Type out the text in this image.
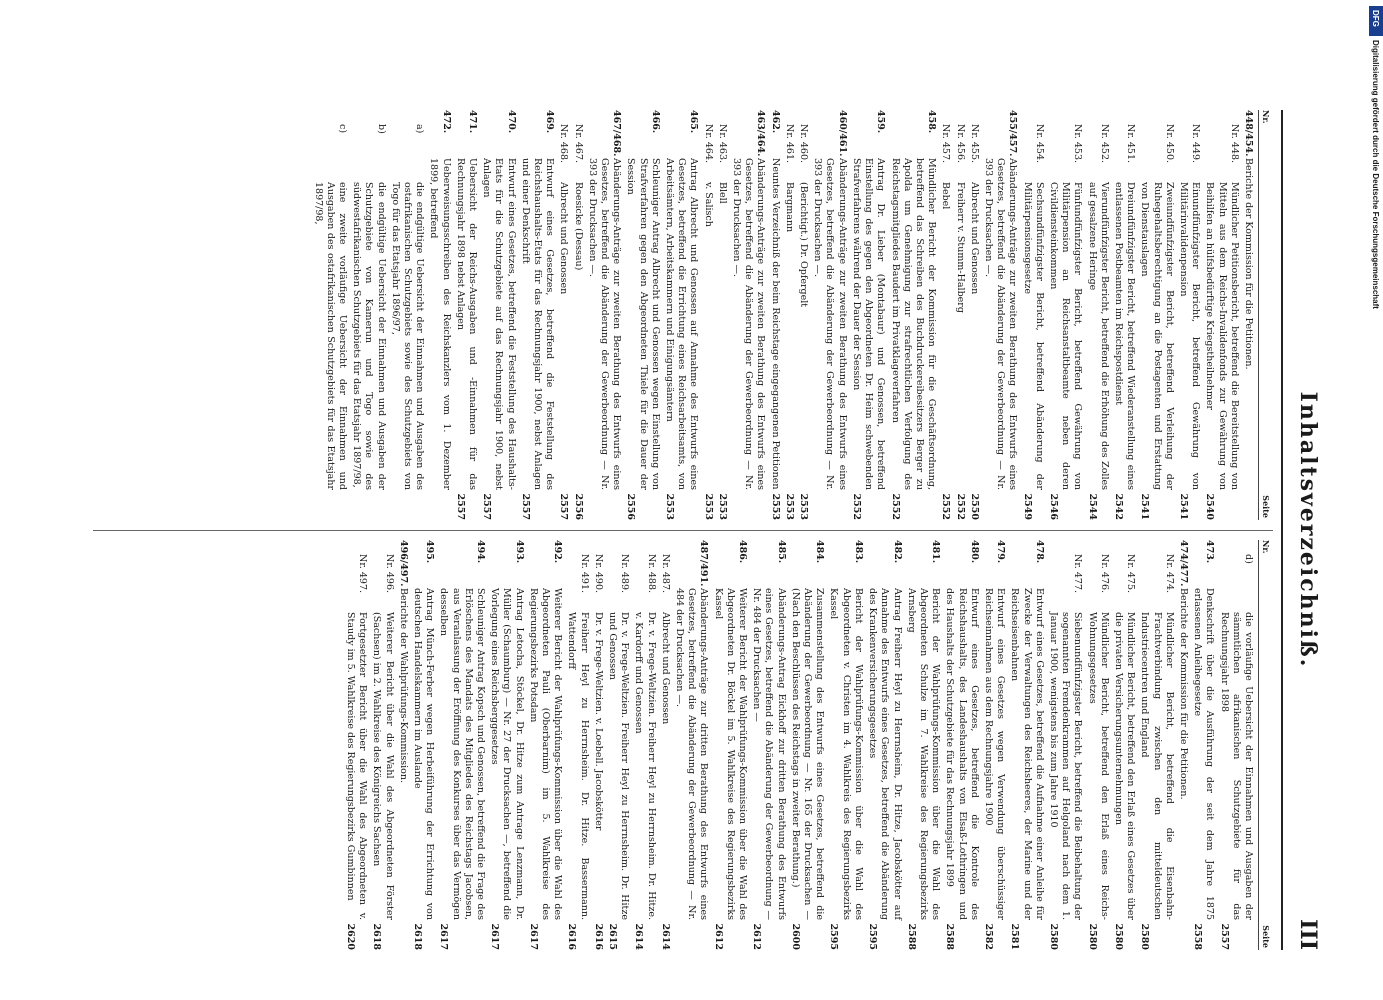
Inhaltsverzeichniß.
III
Nr.
Seite
448/454.
Berichte der Kommission für die Petitionen.
Nr. 448.
Mündlicher Petitionsbericht, betreffend die Bereitstellung von Mitteln aus dem Reichs-Invalidenfonds zur Gewährung von Beihilfen an hülfsbedürftige Kriegstheilnehmer
2540
Nr. 449.
Einundfünfzigster Bericht, betreffend Gewährung von Militärinvalidenpension
2541
Nr. 450.
Zweiundfünfzigster Bericht, betreffend Verleihung der Ruhegehaltsberechtigung an die Postagenten und Erstattung von Dienstauslagen
2541
Nr. 451.
Dreiundfünfzigster Bericht, betreffend Wiederanstellung eines entlassenen Postbeamten im Reichspostdienst
2542
Nr. 452.
Vierundfünfzigster Bericht, betreffend die Erhöhung des Zolles auf gesalzene Heringe
2544
Nr. 453.
Fünfundfünfzigster Bericht, betreffend Gewährung von Militärpension an Reichsanstaltbeamte neben deren Civildiensteinkommen
2546
Nr. 454.
Sechsundfünfzigster Bericht, betreffend Abänderung der Militärpensionsgesetze
2549
455/457.
Abänderungs-Anträge zur zweiten Berathung des Entwurfs eines Gesetzes, betreffend die Abänderung der Gewerbeordnung — Nr. 393 der Drucksachen —.
Nr. 455.
Albrecht und Genossen
2550
Nr. 456.
Freiherr v. Stumm-Halberg
2552
Nr. 457.
Bebel
2552
458.
Mündlicher Bericht der Kommission für die Geschäftsordnung, betreffend das Schreiben des Buchdruckereibesitzers Berger zu Apolda um Genehmigung zur strafrechtlichen Verfolgung des Reichstagsmitgliedes Baudert im Privatklageverfahren
2552
459.
Antrag Dr. Lieber (Montabaur) und Genossen, betreffend Einstellung des gegen den Abgeordneten Dr. Heim schwebenden Strafverfahrens während der Dauer der Session
2552
460/461.
Abänderungs-Anträge zur zweiten Berathung des Entwurfs eines Gesetzes, betreffend die Abänderung der Gewerbeordnung — Nr. 393 der Drucksachen —.
Nr. 460.
(Berichtigt.) Dr. Opfergelt
2553
Nr. 461.
Bargmann
2553
462.
Neuntes Verzeichniß der beim Reichstage eingegangenen Petitionen
2553
463/464.
Abänderungs-Anträge zur zweiten Berathung des Entwurfs eines Gesetzes, betreffend die Abänderung der Gewerbeordnung — Nr. 393 der Drucksachen —.
Nr. 463.
Blell
2553
Nr. 464.
v. Salisch
2553
465.
Antrag Albrecht und Genossen auf Annahme des Entwurfs eines Gesetzes, betreffend die Errichtung eines Reichsarbeitsamts, von Arbeitsämtern, Arbeitskammern und Einigungsämtern
2553
466.
Schleuniger Antrag Albrecht und Genossen wegen Einstellung von Strafverfahren gegen den Abgeordneten Thiele für die Dauer der Session
2556
467/468.
Abänderungs-Anträge zur zweiten Berathung des Entwurfs eines Gesetzes, betreffend die Abänderung der Gewerbeordnung — Nr. 393 der Drucksachen —.
Nr. 467.
Roesicke (Dessau)
2556
Nr. 468.
Albrecht und Genossen
2557
469.
Entwurf eines Gesetzes, betreffend die Feststellung des Reichshaushalts-Etats für das Rechnungsjahr 1900, nebst Anlagen und einer Denkschrift
2557
470.
Entwurf eines Gesetzes, betreffend die Feststellung des Haushalts-Etats für die Schutzgebiete auf das Rechnungsjahr 1900, nebst Anlagen
2557
471.
Uebersicht der Reichs-Ausgaben und -Einnahmen für das Rechnungsjahr 1898 nebst Anlagen
2557
472.
Ueberweisungsschreiben des Reichskanzlers vom 1. Dezember 1899, betreffend
a)
die endgültige Uebersicht der Einnahmen und Ausgaben des ostafrikanischen Schutzgebiets sowie des Schutzgebiets von Togo für das Etatsjahr 1896/97,
b)
die endgültige Uebersicht der Einnahmen und Ausgaben der Schutzgebiete von Kamerun und Togo sowie des südwestafrikanischen Schutzgebiets für das Etatsjahr 1897/98,
c)
eine zweite vorläufige Uebersicht der Einnahmen und Ausgaben des ostafrikanischen Schutzgebiets für das Etatsjahr 1897/98,
Nr.
Seite
d)
die vorläufige Uebersicht der Einnahmen und Ausgaben der sämmtlichen afrikanischen Schutzgebiete für das Rechnungsjahr 1898
2557
473.
Denkschrift über die Ausführung der seit dem Jahre 1875 erlassenen Anleihegesetze
2558
474/477.
Berichte der Kommission für die Petitionen.
Nr. 474.
Mündlicher Bericht, betreffend die Eisenbahn-Frachtverbindung zwischen den mitteldeutschen Industriecentren und England
2580
Nr. 475.
Mündlicher Bericht, betreffend den Erlaß eines Gesetzes über die privaten Versicherungsunternehmungen
2580
Nr. 476.
Mündlicher Bericht, betreffend den Erlaß eines Reichs-Wohnungsgesetzes
2580
Nr. 477.
Siebenundfünfzigster Bericht, betreffend die Beibehaltung der sogenannten Fremdenkrammen auf Helgoland nach dem 1. Januar 1900, wenigstens bis zum Jahre 1910
2580
478.
Entwurf eines Gesetzes, betreffend die Aufnahme einer Anleihe für Zwecke der Verwaltungen des Reichsheeres, der Marine und der Reichseisenbahnen
2581
479.
Entwurf eines Gesetzes wegen Verwendung überschüssiger Reichseinnahmen aus dem Rechnungsjahre 1900
2582
480.
Entwurf eines Gesetzes, betreffend die Kontrole des Reichshaushalts, des Landeshaushalts von Elsaß-Lothringen und des Haushalts der Schutzgebiete für das Rechnungsjahr 1899
2588
481.
Bericht der Wahlprüfungs-Kommission über die Wahl des Abgeordneten Schulze im 7. Wahlkreise des Regierungsbezirks Arnsberg
2588
482.
Antrag Freiherr Heyl zu Herrnsheim, Dr. Hitze, Jacobskötter auf Annahme des Entwurfs eines Gesetzes, betreffend die Abänderung des Krankenversicherungsgesetzes
2595
483.
Bericht der Wahlprüfungs-Kommission über die Wahl des Abgeordneten v. Christen im 4. Wahlkreis des Regierungsbezirks Kassel
2595
484.
Zusammenstellung des Entwurfs eines Gesetzes, betreffend die Abänderung der Gewerbeordnung — Nr. 165 der Drucksachen — (Nach den Beschlüssen des Reichstags in zweiter Berathung.)
2600
485.
Abänderungs-Antrag Eickhoff zur dritten Berathung des Entwurfs eines Gesetzes, betreffend die Abänderung der Gewerbeordnung — Nr. 484 der Drucksachen —
2612
486.
Weiterer Bericht der Wahlprüfungs-Kommission über die Wahl des Abgeordneten Dr. Böckel im 5. Wahlkreise des Regierungsbezirks Kassel
2612
487/491.
Abänderungs-Anträge zur dritten Berathung des Entwurfs eines Gesetzes, betreffend die Abänderung der Gewerbeordnung — Nr. 484 der Drucksachen —.
Nr. 487.
Albrecht und Genossen
2614
Nr. 488.
Dr. v. Frege-Weltzien. Freiherr Heyl zu Herrnsheim. Dr. Hitze. v. Kardorff und Genossen
2614
Nr. 489.
Dr. v. Frege-Weltzien. Freiherr Heyl zu Herrnsheim. Dr. Hitze und Genossen
2615
Nr. 490.
Dr. v. Frege-Weltzien. v. Loebell. Jacobskötter
2616
Nr. 491.
Freiherr Heyl zu Herrnsheim. Dr. Hitze. Bassermann. Wattendorff
2616
492.
Weiterer Bericht der Wahlprüfungs-Kommission über die Wahl des Abgeordneten Pauli (Oberbarnim) im 5. Wahlkreise des Regierungsbezirks Potsdam
2617
493.
Antrag Letocha, Stöckel, Dr. Hitze zum Antrage Lenzmann, Dr. Müller (Schaumburg) — Nr. 27 der Drucksachen —, betreffend die Vorlegung eines Reichsberggesetzes
2617
494.
Schleuniger Antrag Kopsch und Genossen, betreffend die Frage des Erlöschens des Mandats des Mitgliedes des Reichstags Jacobsen, aus Veranlassung der Eröffnung des Konkurses über das Vermögen desselben
2617
495.
Antrag Münch-Ferber wegen Herbeiführung der Errichtung von deutschen Handelskammern im Auslande
2618
496/497.
Berichte der Wahlprüfungs-Kommission.
Nr. 496.
Weiterer Bericht über die Wahl des Abgeordneten Förster (Sachsen) im 2. Wahlkreise des Königreichs Sachsen
2618
Nr. 497.
Fortgesetzter Bericht über die Wahl des Abgeordneten v. Staudy im 5. Wahlkreise des Regierungsbezirks Gumbinnen
2620
Digitalisierung gefördert durch die Deutsche Forschungsgemeinschaft
DFG
